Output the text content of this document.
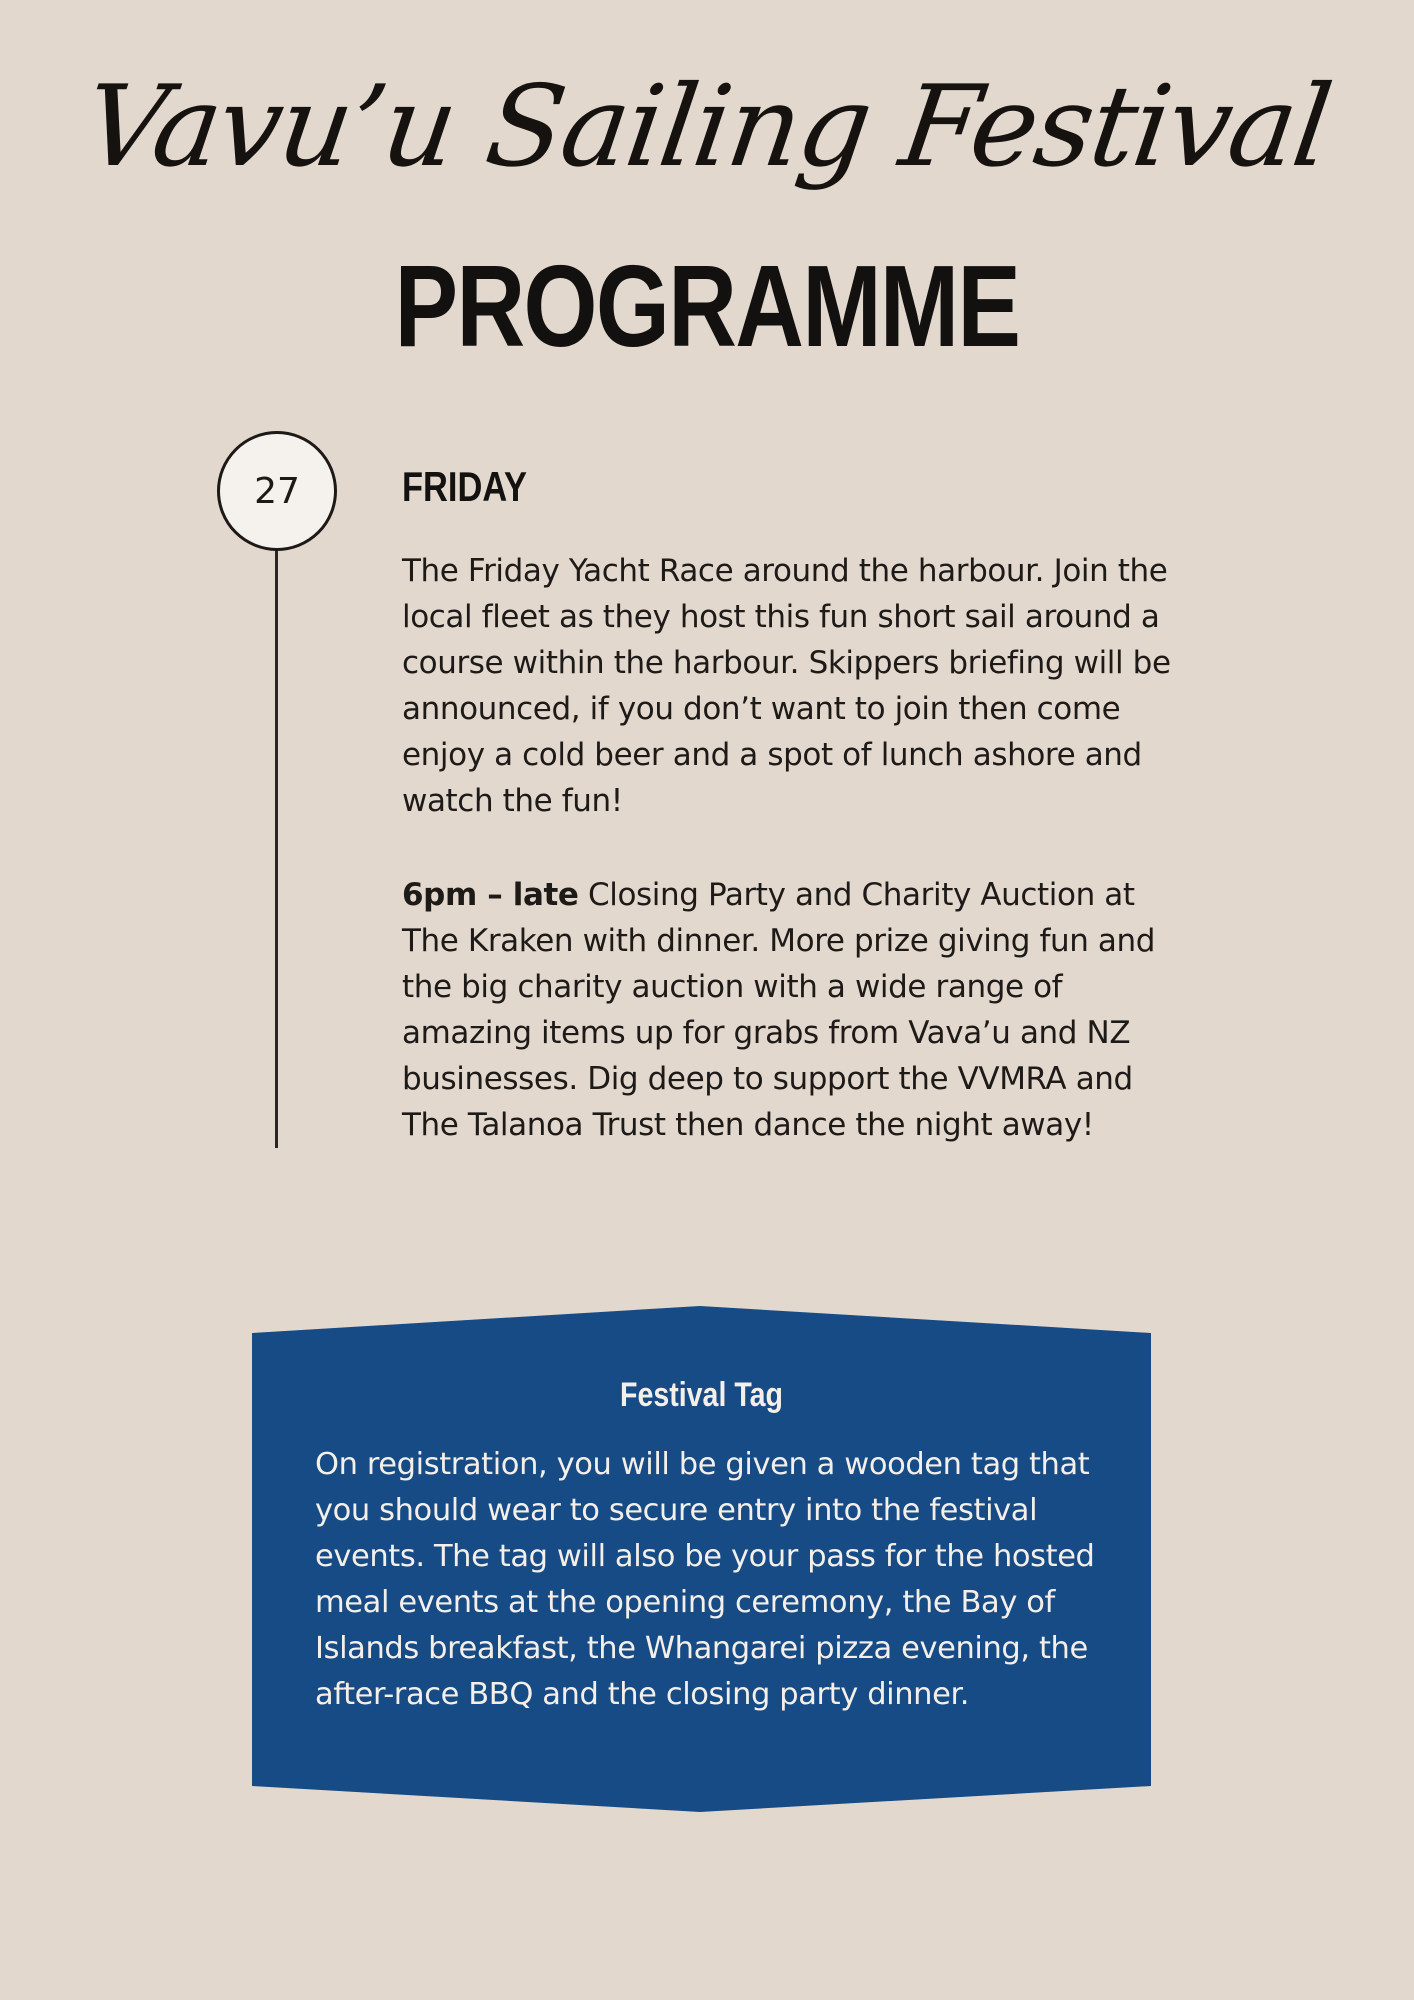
Vavu’u Sailing Festival
PROGRAMME
27	FRIDAY
The Friday Yacht Race around the harbour. Join the local fleet as they host this fun short sail around a course within the harbour. Skippers briefing will be announced, if you don’t want to join then come enjoy a cold beer and a spot of lunch ashore and watch the fun!
6pm – late Closing Party and Charity Auction at The Kraken with dinner. More prize giving fun and the big charity auction with a wide range of amazing items up for grabs from Vava’u and NZ businesses. Dig deep to support the VVMRA and The Talanoa Trust then dance the night away!
Festival Tag
On registration, you will be given a wooden tag that you should wear to secure entry into the festival events. The tag will also be your pass for the hosted meal events at the opening ceremony, the Bay of Islands breakfast, the Whangarei pizza evening, the after-race BBQ and the closing party dinner.
